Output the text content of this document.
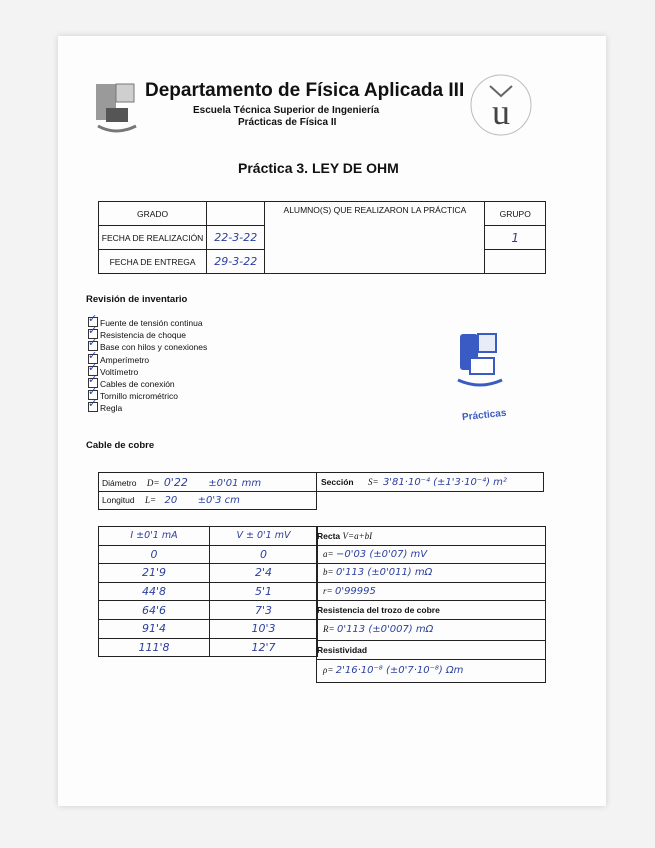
Departamento de Física Aplicada III
Escuela Técnica Superior de Ingeniería
Prácticas de Física II	u
Práctica 3. LEY DE OHM
GRADO		ALUMNO(S) QUE REALIZARON LA PRÁCTICA	GRUPO
FECHA DE REALIZACIÓN	22-3-22		1
FECHA DE ENTREGA	29-3-22		
Revisión de inventario
✓Fuente de tensión continua
✓Resistencia de choque
✓Base con hilos y conexiones
✓Amperímetro
✓Voltímetro
✓Cables de conexión
✓Tornillo micrométrico
✓Regla	Prácticas
Cable de cobre
Diámetro D= 0'22 ±0'01 mm	Sección S= 3'81·10⁻⁴ (±1'3·10⁻⁴) m²
Longitud L= 20 ±0'3 cm	
I ±0'1 mA	V ± 0'1 mV
0	0
21'9	2'4
44'8	5'1
64'6	7'3
91'4	10'3
111'8	12'7
Recta V=a+bI
a= −0'03 (±0'07) mV
b= 0'113 (±0'011) mΩ
r= 0'99995
Resistencia del trozo de cobre
R= 0'113 (±0'007) mΩ
Resistividad
ρ= 2'16·10⁻⁸ (±0'7·10⁻⁸) Ωm
